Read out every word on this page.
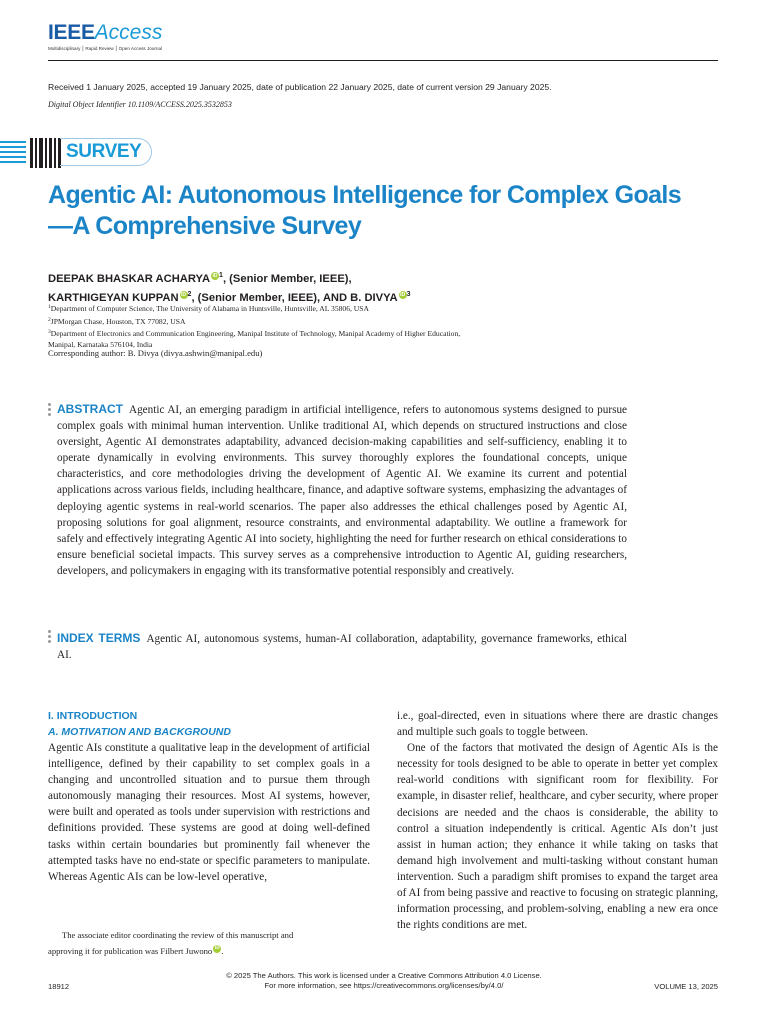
IEEEAccess
Multidisciplinary ⎮ Rapid Review ⎮ Open Access Journal
Received 1 January 2025, accepted 19 January 2025, date of publication 22 January 2025, date of current version 29 January 2025.
Digital Object Identifier 10.1109/ACCESS.2025.3532853
SURVEY
Agentic AI: Autonomous Intelligence for Complex Goals—A Comprehensive Survey
DEEPAK BHASKAR ACHARYA iD $^1$, (Senior Member, IEEE),
KARTHIGEYAN KUPPAN iD $^2$, (Senior Member, IEEE), AND B. DIVYA iD $^3$
$^1$Department of Computer Science, The University of Alabama in Huntsville, Huntsville, AL 35806, USA
$^2$JPMorgan Chase, Houston, TX 77082, USA
$^3$Department of Electronics and Communication Engineering, Manipal Institute of Technology, Manipal Academy of Higher Education,
Manipal, Karnataka 576104, India
Corresponding author: B. Divya (divya.ashwin@manipal.edu)
ABSTRACT Agentic AI, an emerging paradigm in artificial intelligence, refers to autonomous systems designed to pursue complex goals with minimal human intervention. Unlike traditional AI, which depends on structured instructions and close oversight, Agentic AI demonstrates adaptability, advanced decision-making capabilities and self-sufficiency, enabling it to operate dynamically in evolving environments. This survey thoroughly explores the foundational concepts, unique characteristics, and core methodologies driving the development of Agentic AI. We examine its current and potential applications across various fields, including healthcare, finance, and adaptive software systems, emphasizing the advantages of deploying agentic systems in real-world scenarios. The paper also addresses the ethical challenges posed by Agentic AI, proposing solutions for goal alignment, resource constraints, and environmental adaptability. We outline a framework for safely and effectively integrating Agentic AI into society, highlighting the need for further research on ethical considerations to ensure beneficial societal impacts. This survey serves as a comprehensive introduction to Agentic AI, guiding researchers, developers, and policymakers in engaging with its transformative potential responsibly and creatively.
INDEX TERMS Agentic AI, autonomous systems, human-AI collaboration, adaptability, governance frameworks, ethical AI.
I. INTRODUCTION
A. MOTIVATION AND BACKGROUND

Agentic AIs constitute a qualitative leap in the development of artificial intelligence, defined by their capability to set complex goals in a changing and uncontrolled situation and to pursue them through autonomously managing their resources. Most AI systems, however, were built and operated as tools under supervision with restrictions and definitions provided. These systems are good at doing well-defined tasks within certain boundaries but prominently fail whenever the attempted tasks have no end-state or specific parameters to manipulate. Whereas Agentic AIs can be low-level operative,

i.e., goal-directed, even in situations where there are drastic changes and multiple such goals to toggle between.

One of the factors that motivated the design of Agentic AIs is the necessity for tools designed to be able to operate in better yet complex real-world conditions with significant room for flexibility. For example, in disaster relief, healthcare, and cyber security, where proper decisions are needed and the chaos is considerable, the ability to control a situation independently is critical. Agentic AIs don’t just assist in human action; they enhance it while taking on tasks that demand high involvement and multi-tasking without constant human intervention. Such a paradigm shift promises to expand the target area of AI from being passive and reactive to focusing on strategic planning, information processing, and problem-solving, enabling a new era once the rights conditions are met.

The associate editor coordinating the review of this manuscript and
approving it for publication was Filbert Juwono iD .
© 2025 The Authors. This work is licensed under a Creative Commons Attribution 4.0 License.
For more information, see https://creativecommons.org/licenses/by/4.0/
18912	VOLUME 13, 2025
